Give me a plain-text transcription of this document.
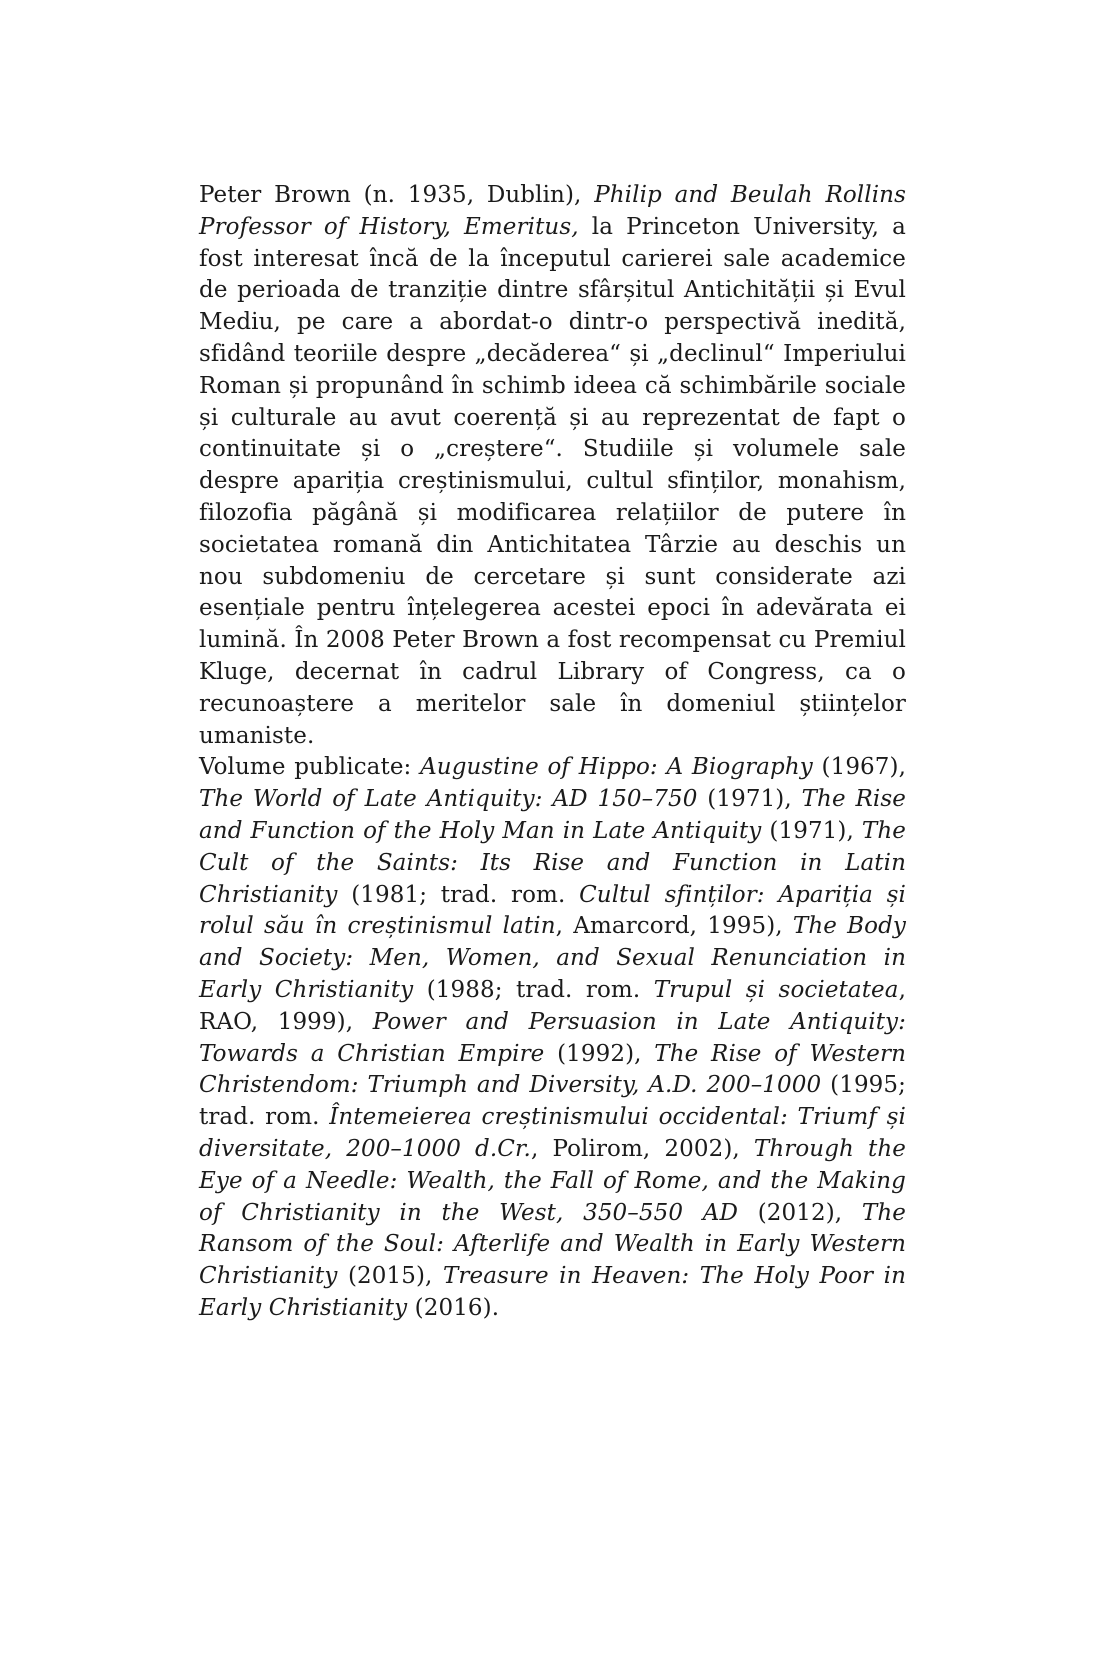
Peter Brown (n. 1935, Dublin), Philip and Beulah Rollins Professor of History, Emeritus, la Princeton University, a fost interesat încă de la începutul carierei sale academice de perioada de tranziție dintre sfârșitul Antichității și Evul Mediu, pe care a abordat-o dintr-o perspectivă inedită, sfidând teoriile despre „decăderea“ și „declinul“ Imperiului Roman și propunând în schimb ideea că schimbările sociale și culturale au avut coerență și au reprezentat de fapt o continuitate și o „creștere“. Studiile și volumele sale despre apariția creștinismului, cultul sfinților, monahism, filozofia păgână și modificarea relațiilor de putere în societatea romană din Antichitatea Târzie au deschis un nou subdomeniu de cercetare și sunt considerate azi esențiale pentru înțelegerea acestei epoci în adevărata ei lumină. În 2008 Peter Brown a fost recompensat cu Premiul Kluge, decernat în cadrul Library of Congress, ca o recunoaștere a meritelor sale în domeniul științelor umaniste.

Volume publicate: Augustine of Hippo: A Biography (1967), The World of Late Antiquity: AD 150–750 (1971), The Rise and Function of the Holy Man in Late Antiquity (1971), The Cult of the Saints: Its Rise and Function in Latin Christianity (1981; trad. rom. Cultul sfinților: Apariția și rolul său în creștinismul latin, Amarcord, 1995), The Body and Society: Men, Women, and Sexual Renunciation in Early Christianity (1988; trad. rom. Trupul și societatea, RAO, 1999), Power and Persuasion in Late Antiquity: Towards a Christian Empire (1992), The Rise of Western Christendom: Triumph and Diversity, A.D. 200–1000 (1995; trad. rom. Întemeierea creștinismului occidental: Triumf și diversitate, 200–1000 d.Cr., Polirom, 2002), Through the Eye of a Needle: Wealth, the Fall of Rome, and the Making of Christianity in the West, 350–550 AD (2012), The Ransom of the Soul: Afterlife and Wealth in Early Western Christianity (2015), Treasure in Heaven: The Holy Poor in Early Christianity (2016).
